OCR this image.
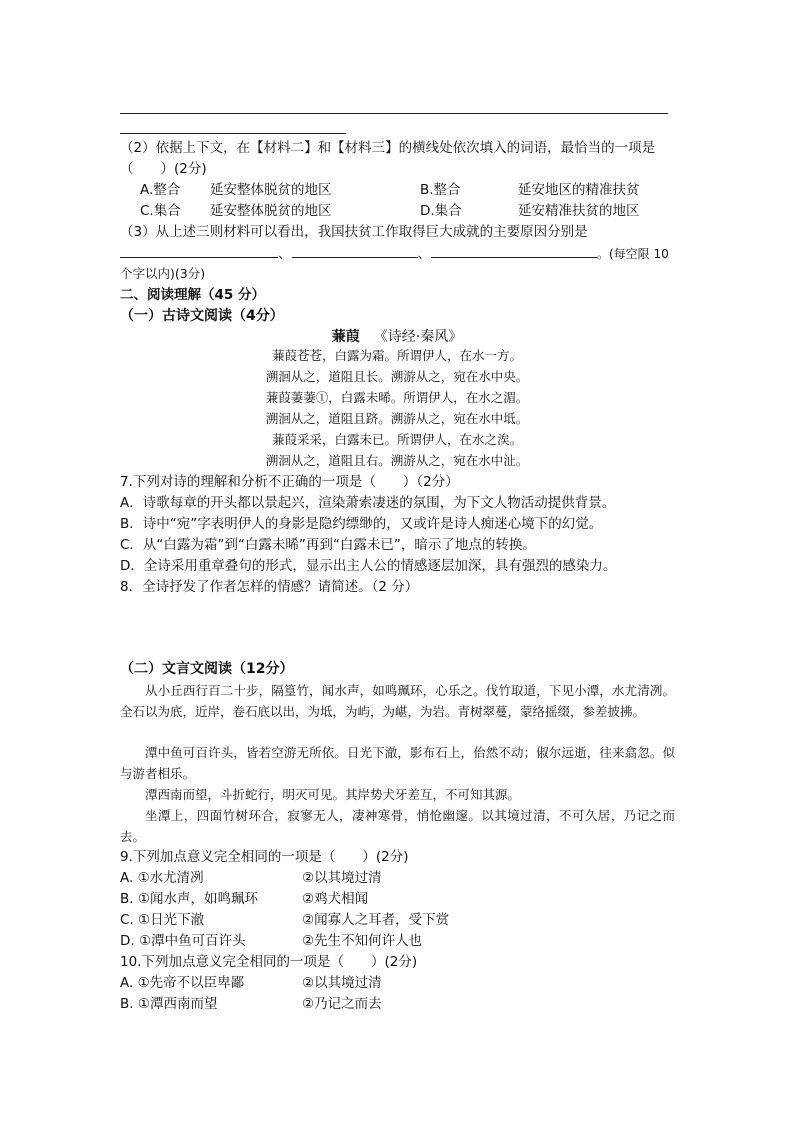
（2）依据上下文，在【材料二】和【材料三】的横线处依次填入的词语，最恰当的一项是
（　　）(2分)
A.整合 延安整体脱贫的地区	B.整合	延安地区的精准扶贫
C.集合 延安整体脱贫的地区	D.集合	延安精准扶贫的地区
（3）从上述三则材料可以看出，我国扶贫工作取得巨大成就的主要原因分别是
、	、	。(每空限 10
个字以内)(3分)
二、阅读理解（45 分）
（一）古诗文阅读（4分）
蒹葭 《诗经·秦风》
蒹葭苍苍，白露为霜。所谓伊人，在水一方。
溯洄从之，道阻且长。溯游从之，宛在水中央。
蒹葭萋萋①，白露未晞。所谓伊人，在水之湄。
溯洄从之，道阻且跻。溯游从之，宛在水中坻。
蒹葭采采，白露未已。所谓伊人，在水之涘。
溯洄从之，道阻且右。溯游从之，宛在水中沚。
7.下列对诗的理解和分析不正确的一项是（　　）（2分）
A．诗歌每章的开头都以景起兴，渲染萧索凄迷的氛围，为下文人物活动提供背景。
B．诗中“宛”字表明伊人的身影是隐约缥缈的，又或许是诗人痴迷心境下的幻觉。
C．从“白露为霜”到“白露未晞”再到“白露未已”，暗示了地点的转换。
D．全诗采用重章叠句的形式，显示出主人公的情感逐层加深，具有强烈的感染力。
8．全诗抒发了作者怎样的情感？请简述。（2 分）
（二）文言文阅读（12分）
从小丘西行百二十步，隔篁竹，闻水声，如鸣珮环，心乐之。伐竹取道，下见小潭，水尤清冽。全石以为底，近岸，卷石底以出，为坻，为屿，为嵁，为岩。青树翠蔓，蒙络摇缀，参差披拂。
潭中鱼可百许头，皆若空游无所依。日光下澈，影布石上，佁然不动；俶尔远逝，往来翕忽。似与游者相乐。
潭西南而望，斗折蛇行，明灭可见。其岸势犬牙差互，不可知其源。
坐潭上，四面竹树环合，寂寥无人，凄神寒骨，悄怆幽邃。以其境过清，不可久居，乃记之而去。
9.下列加点意义完全相同的一项是（　　）(2分)
A. ①水尤清冽	②以其境过清
B. ①闻水声，如鸣珮环	②鸡犬相闻
C. ①日光下澈	②闻寡人之耳者，受下赏
D. ①潭中鱼可百许头	②先生不知何许人也
10.下列加点意义完全相同的一项是（　　）(2分)
A. ①先帝不以臣卑鄙	②以其境过清
B. ①潭西南而望	②乃记之而去
